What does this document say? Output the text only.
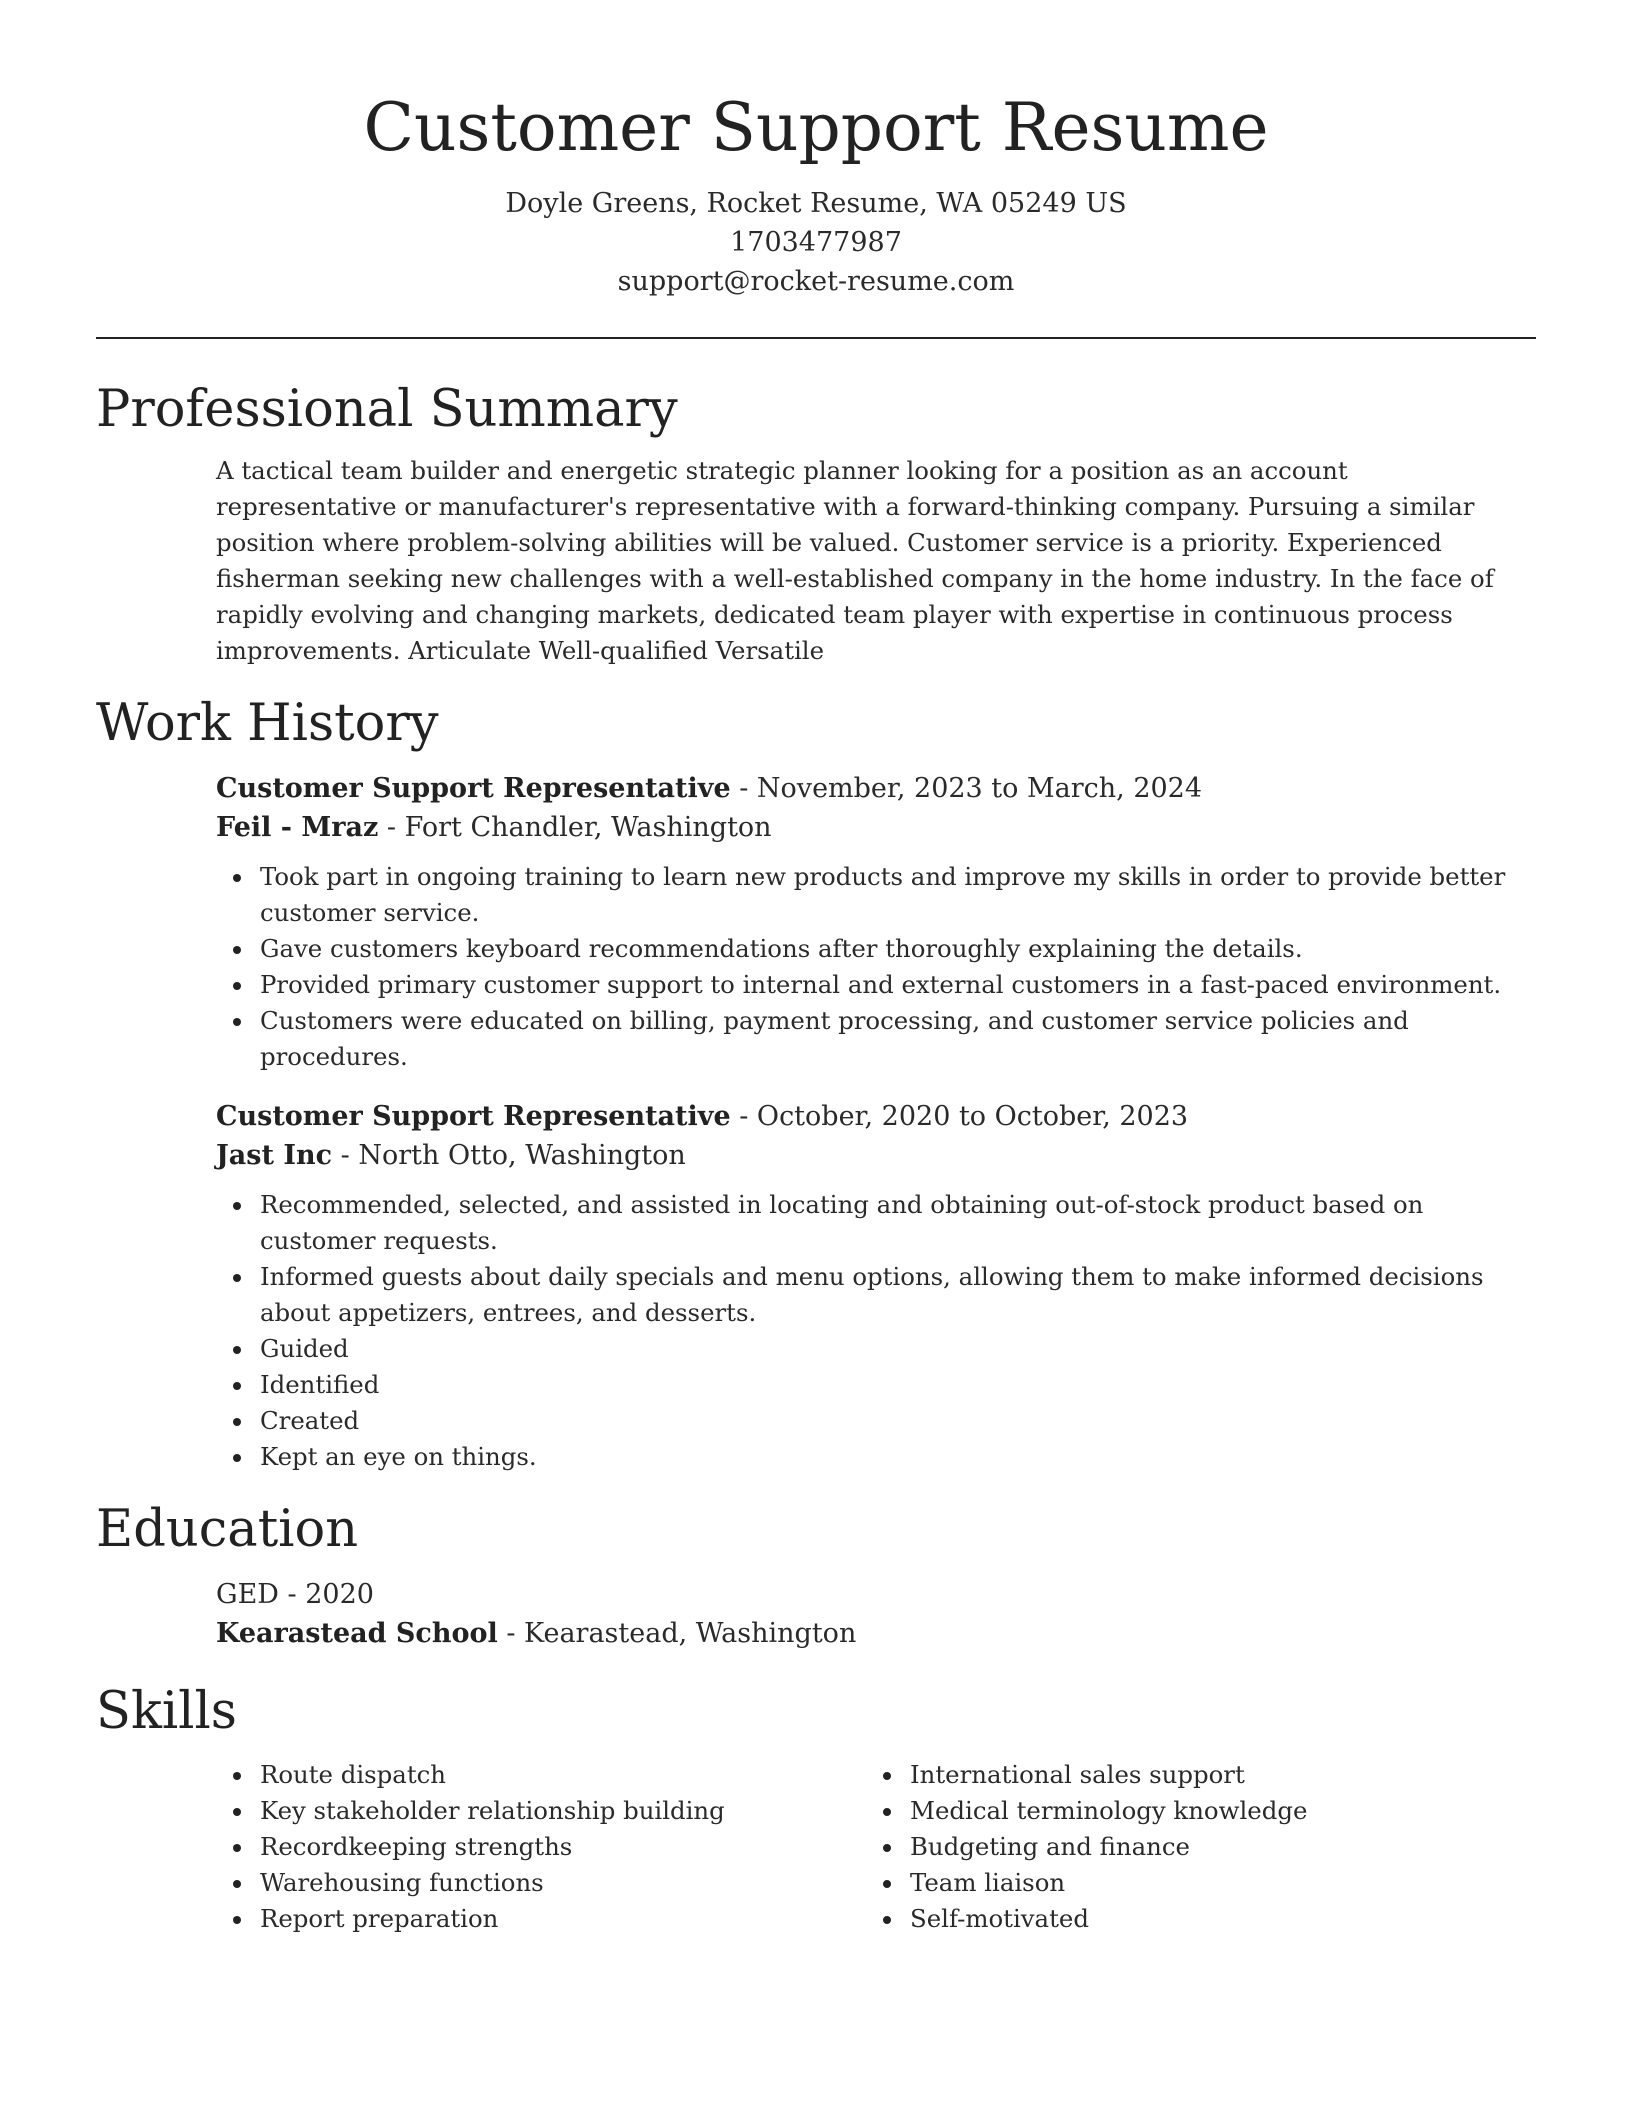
Customer Support Resume
Doyle Greens, Rocket Resume, WA 05249 US
1703477987
support@rocket-resume.com
Professional Summary
A tactical team builder and energetic strategic planner looking for a position as an account representative or manufacturer's representative with a forward-thinking company. Pursuing a similar position where problem-solving abilities will be valued. Customer service is a priority. Experienced fisherman seeking new challenges with a well-established company in the home industry. In the face of rapidly evolving and changing markets, dedicated team player with expertise in continuous process improvements. Articulate Well-qualified Versatile
Work History
Customer Support Representative - November, 2023 to March, 2024
Feil - Mraz - Fort Chandler, Washington
Took part in ongoing training to learn new products and improve my skills in order to provide better customer service.
Gave customers keyboard recommendations after thoroughly explaining the details.
Provided primary customer support to internal and external customers in a fast-paced environment.
Customers were educated on billing, payment processing, and customer service policies and procedures.
Customer Support Representative - October, 2020 to October, 2023
Jast Inc - North Otto, Washington
Recommended, selected, and assisted in locating and obtaining out-of-stock product based on customer requests.
Informed guests about daily specials and menu options, allowing them to make informed decisions about appetizers, entrees, and desserts.
Guided
Identified
Created
Kept an eye on things.
Education
GED - 2020
Kearastead School - Kearastead, Washington
Skills
Route dispatch
Key stakeholder relationship building
Recordkeeping strengths
Warehousing functions
Report preparation
International sales support
Medical terminology knowledge
Budgeting and finance
Team liaison
Self-motivated
